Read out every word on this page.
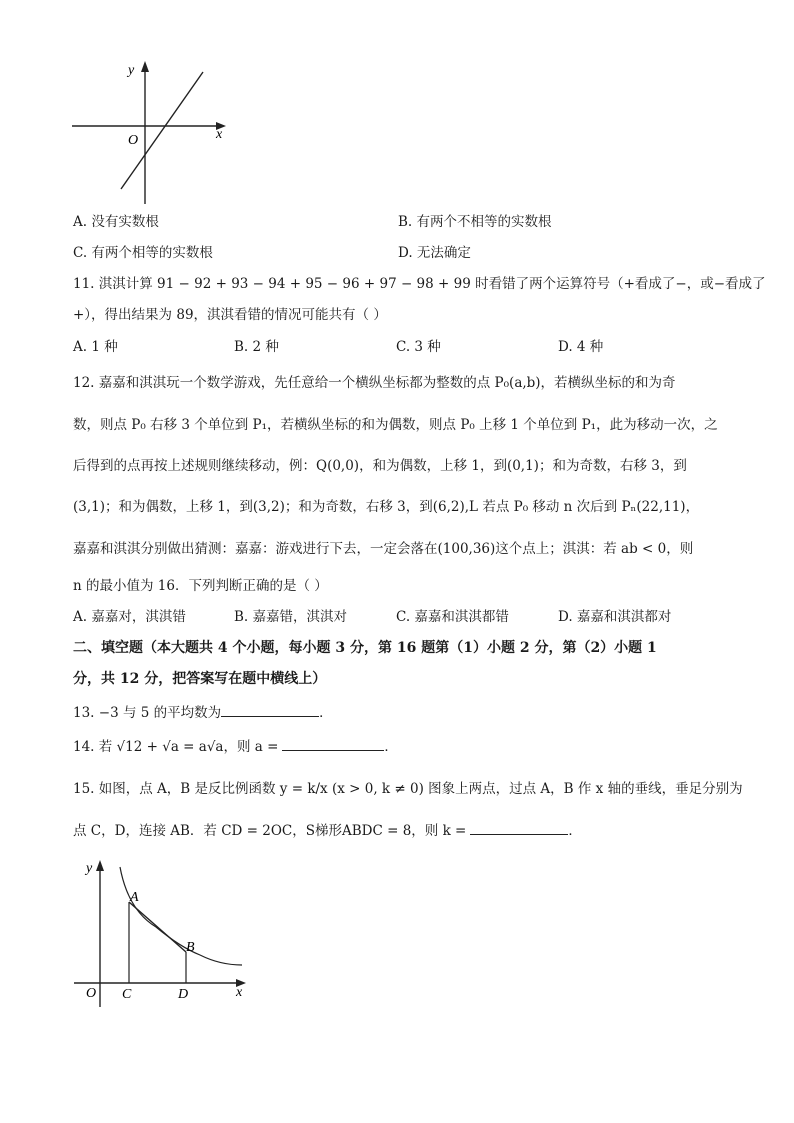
y
x
O
A. 没有实数根	B. 有两个不相等的实数根
C. 有两个相等的实数根	D. 无法确定
11. 淇淇计算 91 − 92 + 93 − 94 + 95 − 96 + 97 − 98 + 99 时看错了两个运算符号（+看成了−，或−看成了
+），得出结果为 89，淇淇看错的情况可能共有（ ）
A. 1 种	B. 2 种	C. 3 种	D. 4 种
12. 嘉嘉和淇淇玩一个数学游戏，先任意给一个横纵坐标都为整数的点 P₀(a,b)，若横纵坐标的和为奇
数，则点 P₀ 右移 3 个单位到 P₁，若横纵坐标的和为偶数，则点 P₀ 上移 1 个单位到 P₁，此为移动一次，之
后得到的点再按上述规则继续移动，例：Q(0,0)，和为偶数，上移 1，到(0,1)；和为奇数，右移 3，到
(3,1)；和为偶数，上移 1，到(3,2)；和为奇数，右移 3，到(6,2),L 若点 P₀ 移动 n 次后到 Pₙ(22,11)，
嘉嘉和淇淇分别做出猜测：嘉嘉：游戏进行下去，一定会落在(100,36)这个点上；淇淇：若 ab < 0，则
n 的最小值为 16．下列判断正确的是（ ）
A. 嘉嘉对，淇淇错	B. 嘉嘉错，淇淇对	C. 嘉嘉和淇淇都错	D. 嘉嘉和淇淇都对
二、填空题（本大题共 4 个小题，每小题 3 分，第 16 题第（1）小题 2 分，第（2）小题 1
分，共 12 分，把答案写在题中横线上）
13. −3 与 5 的平均数为	．
14. 若 √12 + √a = a√a，则 a =	．
15. 如图，点 A，B 是反比例函数 y = k/x (x > 0, k ≠ 0) 图象上两点，过点 A，B 作 x 轴的垂线，垂足分别为
点 C，D，连接 AB．若 CD = 2OC，S梯形ABDC = 8，则 k =	．
y
x
O
A
B
C	D
